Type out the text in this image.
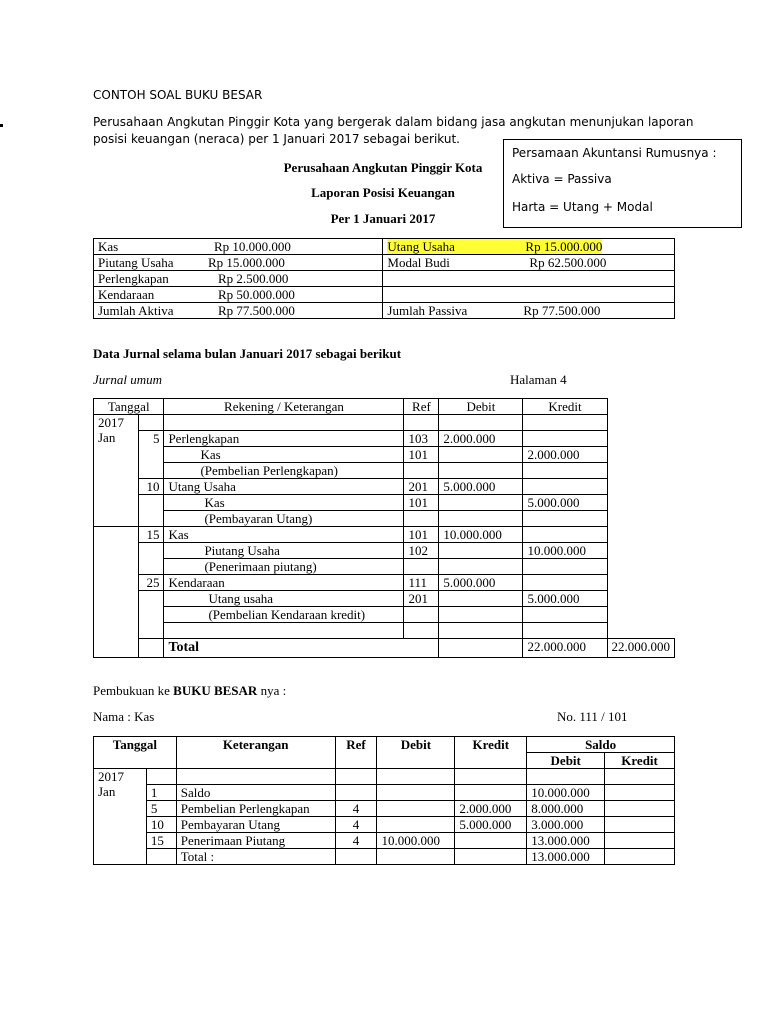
CONTOH SOAL BUKU BESAR
Perusahaan Angkutan Pinggir Kota yang bergerak dalam bidang jasa angkutan menunjukan laporan
posisi keuangan (neraca) per 1 Januari 2017 sebagai berikut.
Persamaan Akuntansi Rumusnya :
Aktiva = Passiva
Harta = Utang + Modal
Perusahaan Angkutan Pinggir Kota
Laporan Posisi Keuangan
Per 1 Januari 2017
Kas Rp 10.000.000	Utang Usaha Rp 15.000.000
Piutang Usaha Rp 15.000.000	Modal Budi Rp 62.500.000
Perlengkapan Rp 2.500.000	
Kendaraan Rp 50.000.000	
Jumlah Aktiva Rp 77.500.000	Jumlah Passiva Rp 77.500.000
Data Jurnal selama bulan Januari 2017 sebagai berikut
Jurnal umum	Halaman 4
Tanggal		Rekening / Keterangan	Ref	Debit	Kredit	

2017
Jan						

	5	Perlengkapan	103	2.000.000		
		Kas	101		2.000.000	
		(Pembelian Perlengkapan)				
	10	Utang Usaha	201	5.000.000		
		Kas	101		5.000.000	
		(Pembayaran Utang)				
	15	Kas	101	10.000.000		
		Piutang Usaha	102		10.000.000	
		(Penerimaan piutang)				
	25	Kendaraan	111	5.000.000		
		Utang usaha	201		5.000.000	
		(Pembelian Kendaraan kredit)				

		Total			22.000.000	22.000.000
Pembukuan ke BUKU BESAR nya :
Nama : Kas	No. 111 / 101
Tanggal		Keterangan	Ref	Debit	Kredit	Saldo	
						Debit	Kredit

2017
Jan							

	1	Saldo				10.000.000	
	5	Pembelian Perlengkapan	4		2.000.000	8.000.000	
	10	Pembayaran Utang	4		5.000.000	3.000.000	
	15	Penerimaan Piutang	4	10.000.000		13.000.000	
		Total :				13.000.000	
